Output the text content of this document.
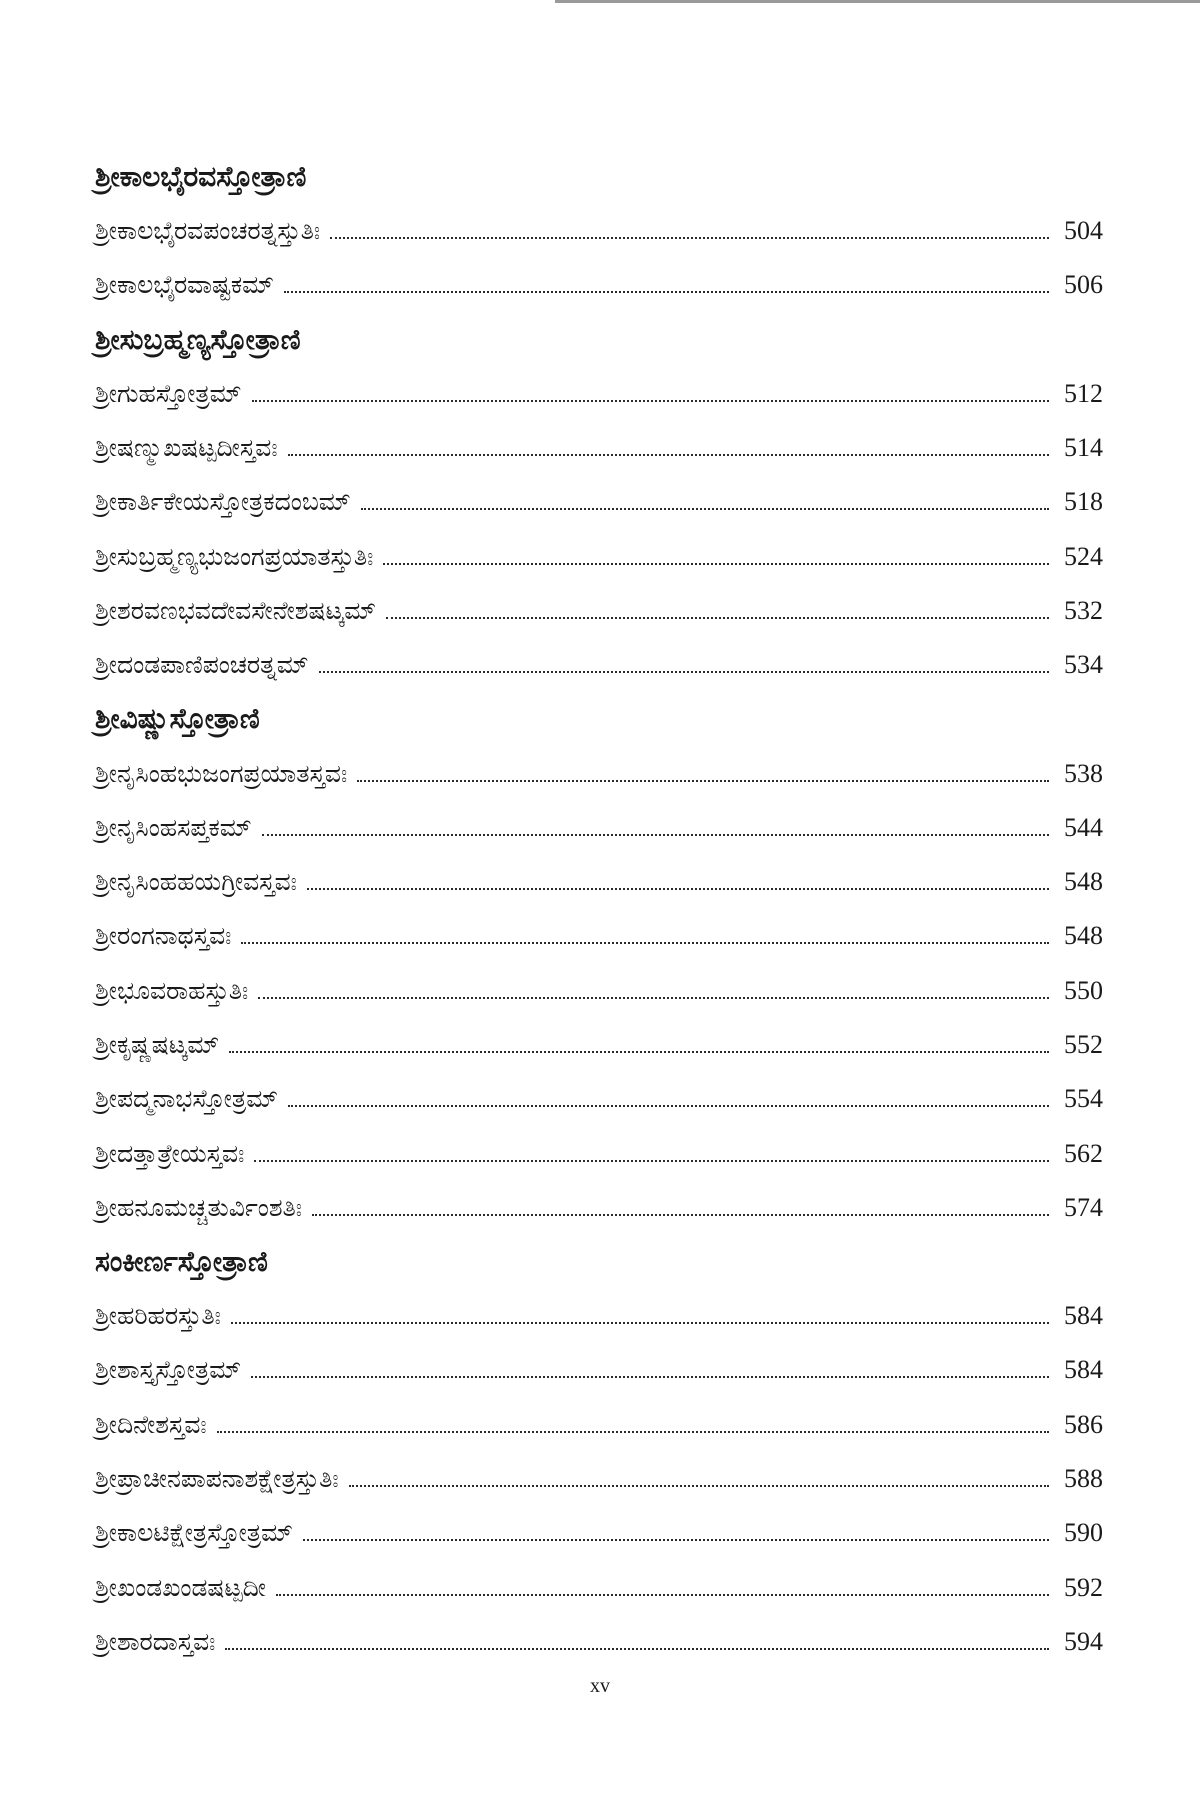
ಶ್ರೀಕಾಲಭೈರವಸ್ತೋತ್ರಾಣಿ
ಶ್ರೀಕಾಲಭೈರವಪಂಚರತ್ನಸ್ತುತಿಃ	504
ಶ್ರೀಕಾಲಭೈರವಾಷ್ಟಕಮ್	506
ಶ್ರೀಸುಬ್ರಹ್ಮಣ್ಯಸ್ತೋತ್ರಾಣಿ
ಶ್ರೀಗುಹಸ್ತೋತ್ರಮ್	512
ಶ್ರೀಷಣ್ಮುಖಷಟ್ಪದೀಸ್ತವಃ	514
ಶ್ರೀಕಾರ್ತಿಕೇಯಸ್ತೋತ್ರಕದಂಬಮ್	518
ಶ್ರೀಸುಬ್ರಹ್ಮಣ್ಯಭುಜಂಗಪ್ರಯಾತಸ್ತುತಿಃ	524
ಶ್ರೀಶರವಣಭವದೇವಸೇನೇಶಷಟ್ಕಮ್	532
ಶ್ರೀದಂಡಪಾಣಿಪಂಚರತ್ನಮ್	534
ಶ್ರೀವಿಷ್ಣುಸ್ತೋತ್ರಾಣಿ
ಶ್ರೀನೃಸಿಂಹಭುಜಂಗಪ್ರಯಾತಸ್ತವಃ	538
ಶ್ರೀನೃಸಿಂಹಸಪ್ತಕಮ್	544
ಶ್ರೀನೃಸಿಂಹಹಯಗ್ರೀವಸ್ತವಃ	548
ಶ್ರೀರಂಗನಾಥಸ್ತವಃ	548
ಶ್ರೀಭೂವರಾಹಸ್ತುತಿಃ	550
ಶ್ರೀಕೃಷ್ಣಷಟ್ಕಮ್	552
ಶ್ರೀಪದ್ಮನಾಭಸ್ತೋತ್ರಮ್	554
ಶ್ರೀದತ್ತಾತ್ರೇಯಸ್ತವಃ	562
ಶ್ರೀಹನೂಮಚ್ಚತುರ್ವಿಂಶತಿಃ	574
ಸಂಕೀರ್ಣಸ್ತೋತ್ರಾಣಿ
ಶ್ರೀಹರಿಹರಸ್ತುತಿಃ	584
ಶ್ರೀಶಾಸ್ತೃಸ್ತೋತ್ರಮ್	584
ಶ್ರೀದಿನೇಶಸ್ತವಃ	586
ಶ್ರೀಪ್ರಾಚೀನಪಾಪನಾಶಕ್ಷೇತ್ರಸ್ತುತಿಃ	588
ಶ್ರೀಕಾಲಟಿಕ್ಷೇತ್ರಸ್ತೋತ್ರಮ್	590
ಶ್ರೀಖಂಡಖಂಡಷಟ್ಪದೀ	592
ಶ್ರೀಶಾರದಾಸ್ತವಃ	594
xv
